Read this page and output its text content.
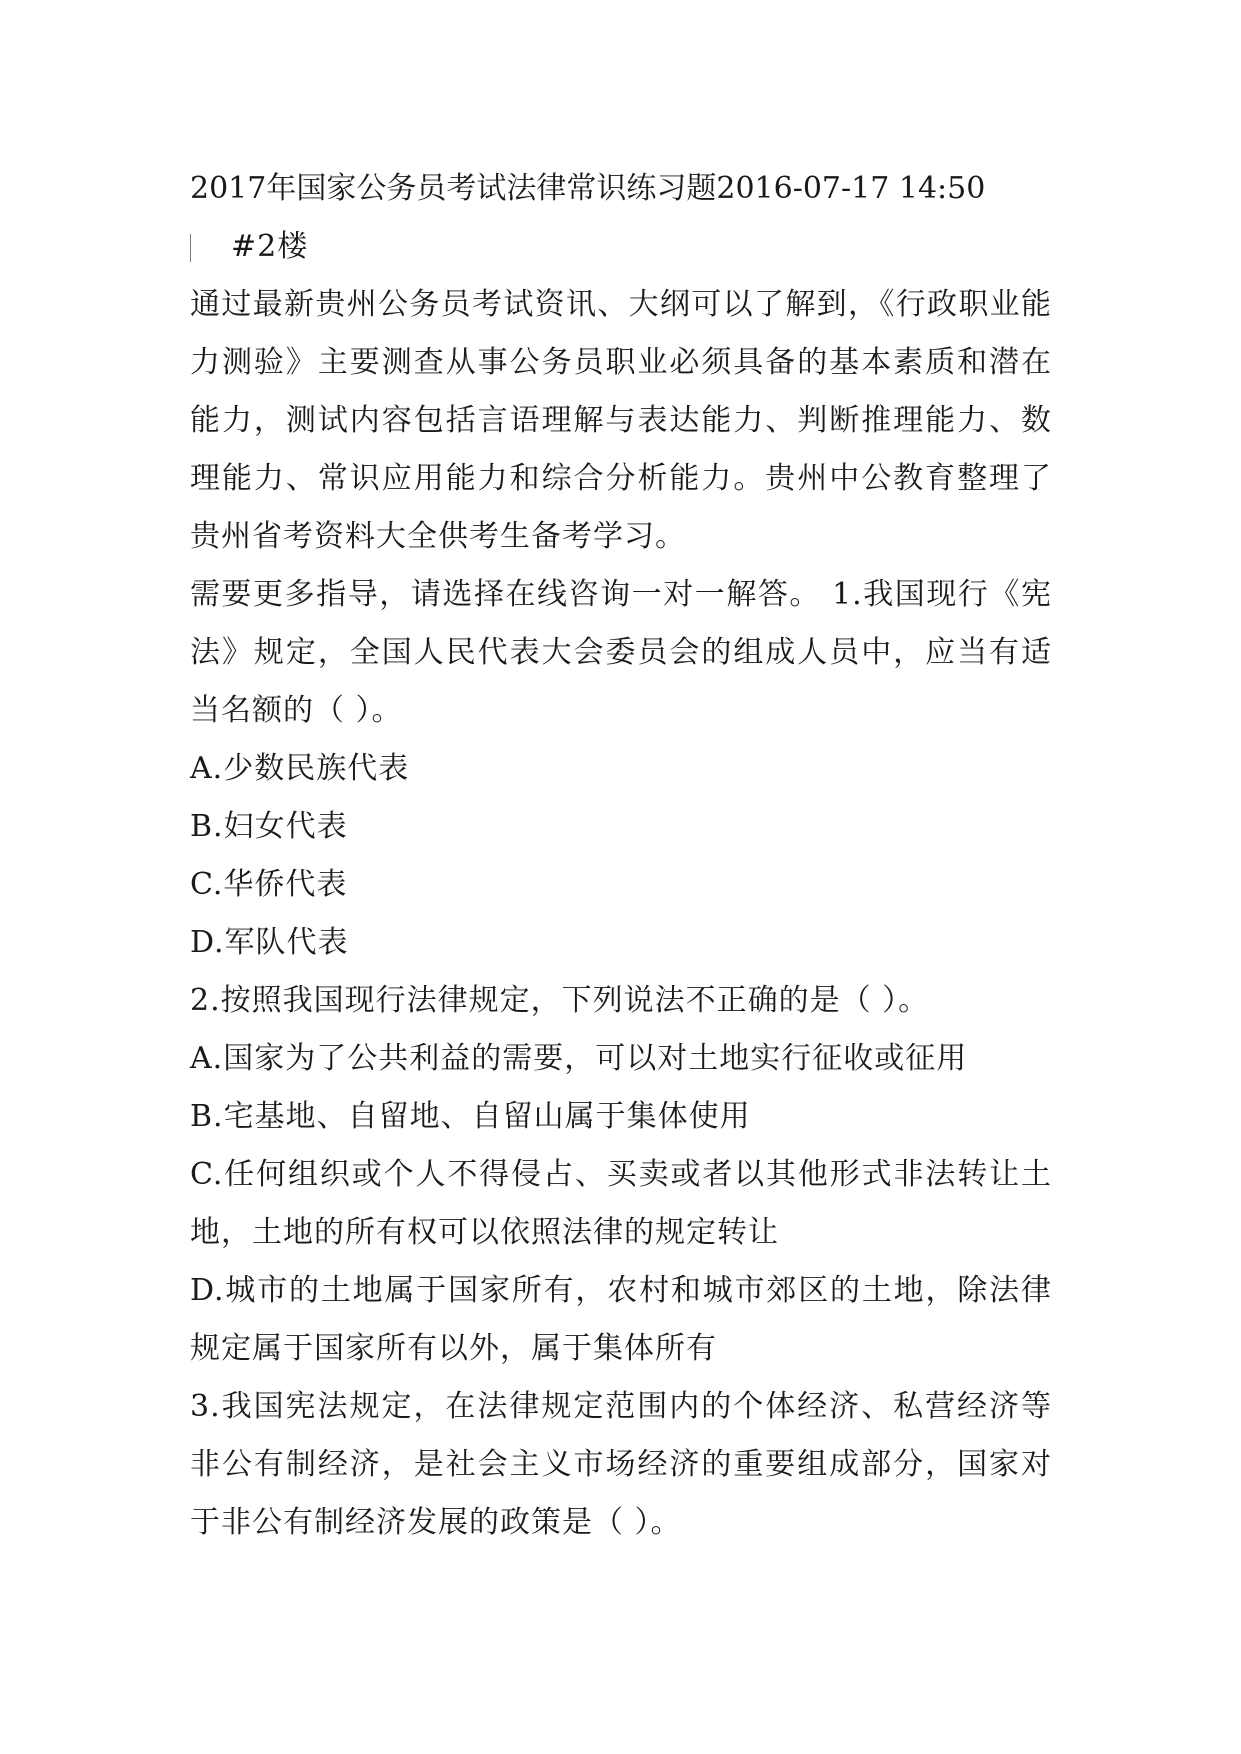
2017年国家公务员考试法律常识练习题2016-07-17 14:50

#2楼

通过最新贵州公务员考试资讯、大纲可以了解到，《行政职业能力测验》主要测查从事公务员职业必须具备的基本素质和潜在能力，测试内容包括言语理解与表达能力、判断推理能力、数理能力、常识应用能力和综合分析能力。贵州中公教育整理了贵州省考资料大全供考生备考学习。

需要更多指导，请选择在线咨询一对一解答。 1.我国现行《宪法》规定，全国人民代表大会委员会的组成人员中，应当有适当名额的（ ）。

A.少数民族代表

B.妇女代表

C.华侨代表

D.军队代表

2.按照我国现行法律规定，下列说法不正确的是（ ）。

A.国家为了公共利益的需要，可以对土地实行征收或征用

B.宅基地、自留地、自留山属于集体使用

C.任何组织或个人不得侵占、买卖或者以其他形式非法转让土地，土地的所有权可以依照法律的规定转让

D.城市的土地属于国家所有，农村和城市郊区的土地，除法律规定属于国家所有以外，属于集体所有

3.我国宪法规定，在法律规定范围内的个体经济、私营经济等非公有制经济，是社会主义市场经济的重要组成部分，国家对于非公有制经济发展的政策是（ ）。
